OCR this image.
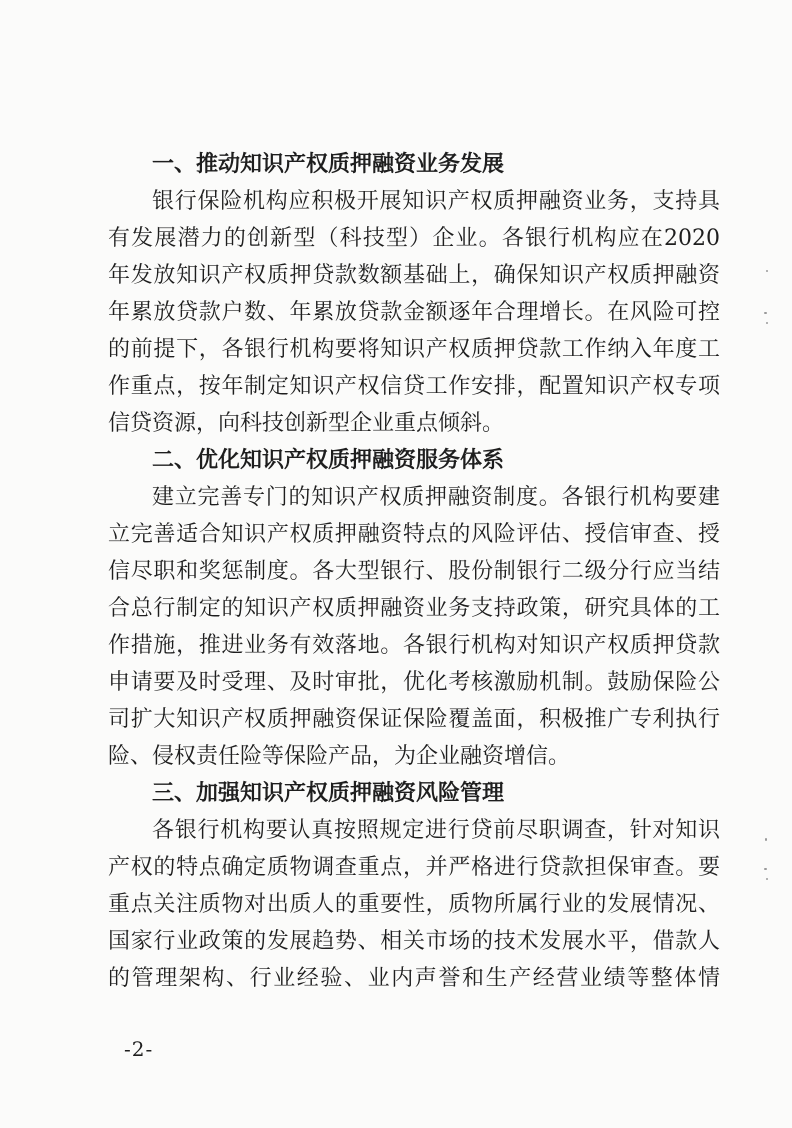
一、推动知识产权质押融资业务发展
银行保险机构应积极开展知识产权质押融资业务，支持具
有发展潜力的创新型（科技型）企业。各银行机构应在2020
年发放知识产权质押贷款数额基础上，确保知识产权质押融资
年累放贷款户数、年累放贷款金额逐年合理增长。在风险可控
的前提下，各银行机构要将知识产权质押贷款工作纳入年度工
作重点，按年制定知识产权信贷工作安排，配置知识产权专项
信贷资源，向科技创新型企业重点倾斜。
二、优化知识产权质押融资服务体系
建立完善专门的知识产权质押融资制度。各银行机构要建
立完善适合知识产权质押融资特点的风险评估、授信审查、授
信尽职和奖惩制度。各大型银行、股份制银行二级分行应当结
合总行制定的知识产权质押融资业务支持政策，研究具体的工
作措施，推进业务有效落地。各银行机构对知识产权质押贷款
申请要及时受理、及时审批，优化考核激励机制。鼓励保险公
司扩大知识产权质押融资保证保险覆盖面，积极推广专利执行
险、侵权责任险等保险产品，为企业融资增信。
三、加强知识产权质押融资风险管理
各银行机构要认真按照规定进行贷前尽职调查，针对知识
产权的特点确定质物调查重点，并严格进行贷款担保审查。要
重点关注质物对出质人的重要性，质物所属行业的发展情况、
国家行业政策的发展趋势、相关市场的技术发展水平，借款人
的管理架构、行业经验、业内声誉和生产经营业绩等整体情
-2-
